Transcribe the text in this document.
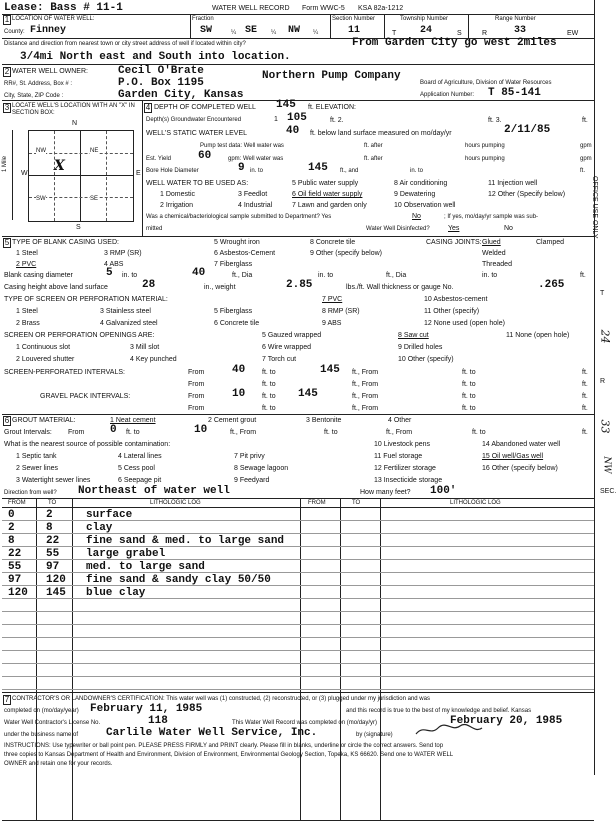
Lease: Bass # 11-1	WATER WELL RECORD Form WWC-5 KSA 82a-1212
1 LOCATION OF WATER WELL:
County: Finney
Fraction
SW	¼ SE ¼ NW ¼
Section Number
11
Township Number
T 24	S
Range Number
R	33	EW
Distance and direction from nearest town or city street address of well if located within city?	From Garden City go west 2miles
3/4mi North east and South into location.
2 WATER WELL OWNER:	Cecil O'Brate	Northern Pump Company
RR#, St. Address, Box # :	P.O. Box 1195	Board of Agriculture, Division of Water Resources
City, State, ZIP Code :	Garden City, Kansas	Application Number: T 85-141
3 LOCATE WELL'S LOCATION WITH AN "X" IN SECTION BOX:
N
NW	NE
SW	SE
X
W	E
S
1 Mile
4 DEPTH OF COMPLETED WELL 145 ft. ELEVATION:
Depth(s) Groundwater Encountered	1 105	ft. 2.	ft. 3.	ft.
WELL'S STATIC WATER LEVEL	40 ft. below land surface measured on mo/day/yr	2/11/85
Pump test data: Well water was	ft. after	hours pumping	gpm
Est. Yield 60	gpm: Well water was	ft. after	hours pumping	gpm
Bore Hole Diameter	9 in. to	145 ft., and	in. to	ft.
WELL WATER TO BE USED AS:	5 Public water supply	8 Air conditioning	11 Injection well
1 Domestic	3 Feedlot	6 Oil field water supply	9 Dewatering	12 Other (Specify below)
2 Irrigation	4 Industrial	7 Lawn and garden only	10 Observation well
Was a chemical/bacteriological sample submitted to Department? Yes	No	; If yes, mo/day/yr sample was sub-
mitted	Water Well Disinfected?	Yes	No
5 TYPE OF BLANK CASING USED:	5 Wrought iron	8 Concrete tile	CASING JOINTS: Glued	Clamped
1 Steel	3 RMP (SR)	6 Asbestos-Cement	9 Other (specify below)	Welded
2 PVC	4 ABS	7 Fiberglass	Threaded
Blank casing diameter	5 in. to	40	ft., Dia	in. to	ft., Dia	in. to	ft.
Casing height above land surface	28	in., weight	2.85	lbs./ft. Wall thickness or gauge No.	.265
TYPE OF SCREEN OR PERFORATION MATERIAL:	7 PVC	10 Asbestos-cement
1 Steel	3 Stainless steel	5 Fiberglass	8 RMP (SR)	11 Other (specify)
2 Brass	4 Galvanized steel	6 Concrete tile	9 ABS	12 None used (open hole)
SCREEN OR PERFORATION OPENINGS ARE:	5 Gauzed wrapped	8 Saw cut	11 None (open hole)
1 Continuous slot	3 Mill slot	6 Wire wrapped	9 Drilled holes
2 Louvered shutter	4 Key punched	7 Torch cut	10 Other (specify)
SCREEN-PERFORATED INTERVALS:	From	40 ft. to	145 ft., From	ft. to	ft.
From	ft. to	ft., From	ft. to	ft.
GRAVEL PACK INTERVALS:	From	10 ft. to 145	ft., From	ft. to	ft.
From	ft. to	ft., From	ft. to	ft.
6 GROUT MATERIAL:	1 Neat cement	2 Cement grout	3 Bentonite	4 Other
Grout Intervals: From 0 ft. to	10	ft., From	ft. to	ft., From	ft. to	ft.
What is the nearest source of possible contamination:	10 Livestock pens	14 Abandoned water well
1 Septic tank	4 Lateral lines	7 Pit privy	11 Fuel storage	15 Oil well/Gas well
2 Sewer lines	5 Cess pool	8 Sewage lagoon	12 Fertilizer storage	16 Other (specify below)
3 Watertight sewer lines	6 Seepage pit	9 Feedyard	13 Insecticide storage
Direction from well? Northeast of water well	How many feet? 100'
FROM	TO	LITHOLOGIC LOG	FROM	TO	LITHOLOGIC LOG
0	2	surface
2	8	clay
8	22 fine sand & med. to large sand
22 55 large grabel
55 97 med. to large sand
97 120 fine sand & sandy clay 50/50
120 145 blue clay
7 CONTRACTOR'S OR LANDOWNER'S CERTIFICATION: This water well was (1) constructed, (2) reconstructed, or (3) plugged under my jurisdiction and was
completed on (mo/day/year) February 11, 1985	and this record is true to the best of my knowledge and belief. Kansas
Water Well Contractor's License No.	118	This Water Well Record was completed on (mo/day/yr)	February 20, 1985
under the business name of	Carlile Water Well Service, Inc.	by (signature)
INSTRUCTIONS: Use typewriter or ball point pen. PLEASE PRESS FIRMLY and PRINT clearly. Please fill in blanks, underline or circle the correct answers. Send top
three copies to Kansas Department of Health and Environment, Division of Environment, Environmental Geology Section, Topeka, KS 66620. Send one to WATER WELL
OWNER and retain one for your records.
OFFICE USE ONLY
T
R
SEC.
24
33
NW
